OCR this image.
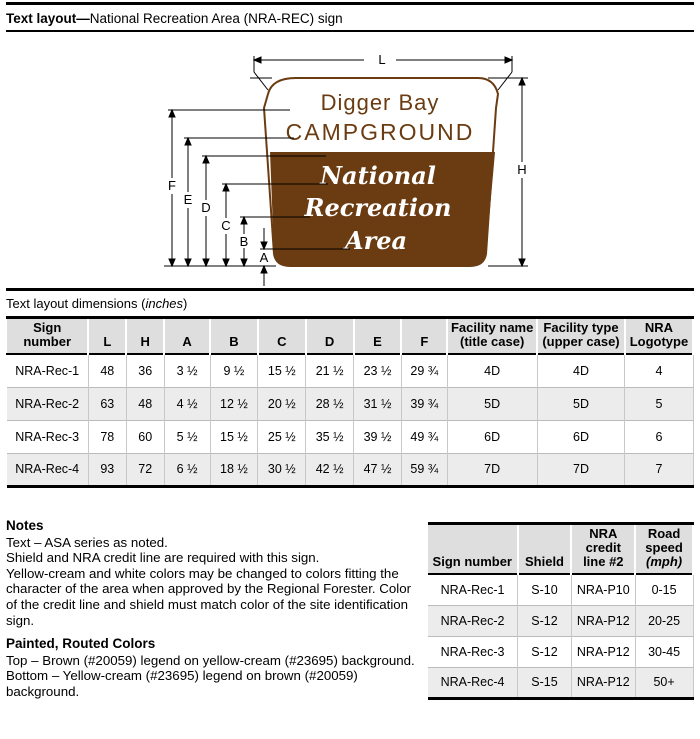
Text layout—National Recreation Area (NRA-REC) sign
Digger Bay
CAMPGROUND
National
Recreation
Area
L
H
F
E
D
C
B
A
Text layout dimensions (inches)
Sign number	L	H	A	B	C	D	E	F	Facility name (title case)	Facility type (upper case)	NRA Logotype
NRA-Rec-1	48	36	3 ½	9 ½	15 ½	21 ½	23 ½	29 ¾	4D	4D	4
NRA-Rec-2	63	48	4 ½	12 ½	20 ½	28 ½	31 ½	39 ¾	5D	5D	5
NRA-Rec-3	78	60	5 ½	15 ½	25 ½	35 ½	39 ½	49 ¾	6D	6D	6
NRA-Rec-4	93	72	6 ½	18 ½	30 ½	42 ½	47 ½	59 ¾	7D	7D	7
Notes

Text – ASA series as noted.

Shield and NRA credit line are required with this sign.

Yellow-cream and white colors may be changed to colors fitting the character of the area when approved by the Regional Forester. Color of the credit line and shield must match color of the site identification sign.

Painted, Routed Colors

Top – Brown (#20059) legend on yellow-cream (#23695) background.

Bottom – Yellow-cream (#23695) legend on brown (#20059) background.

Sign number	Shield	NRA credit line #2	Road speed
(mph)
NRA-Rec-1	S-10	NRA-P10	0-15
NRA-Rec-2	S-12	NRA-P12	20-25
NRA-Rec-3	S-12	NRA-P12	30-45
NRA-Rec-4	S-15	NRA-P12	50+
